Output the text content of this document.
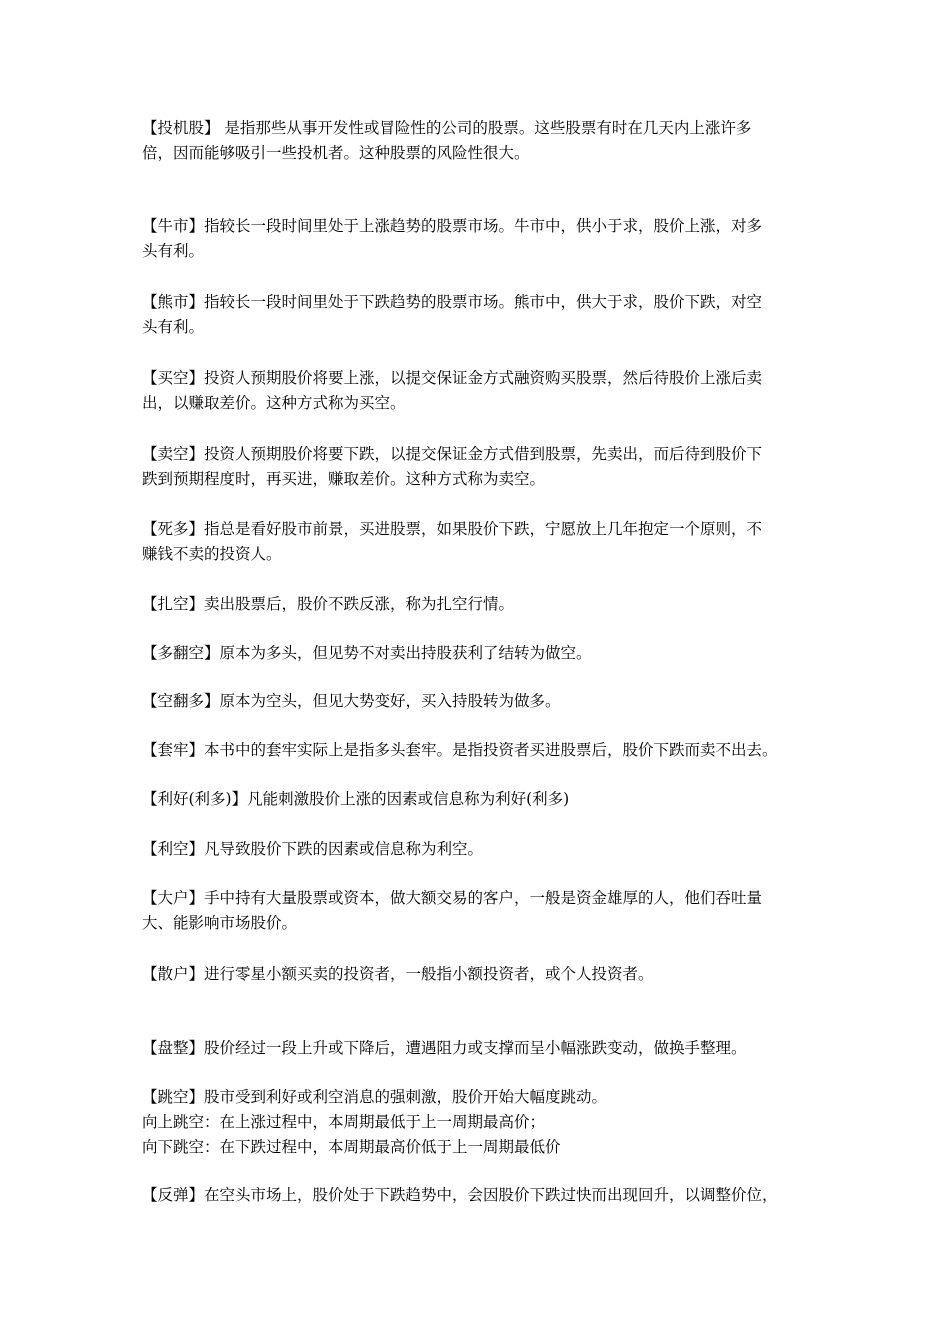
【投机股】 是指那些从事开发性或冒险性的公司的股票。这些股票有时在几天内上涨许多
倍，因而能够吸引一些投机者。这种股票的风险性很大。

【牛市】指较长一段时间里处于上涨趋势的股票市场。牛市中，供小于求，股价上涨，对多
头有利。

【熊市】指较长一段时间里处于下跌趋势的股票市场。熊市中，供大于求，股价下跌，对空
头有利。

【买空】投资人预期股价将要上涨，以提交保证金方式融资购买股票，然后待股价上涨后卖
出，以赚取差价。这种方式称为买空。

【卖空】投资人预期股价将要下跌，以提交保证金方式借到股票，先卖出，而后待到股价下
跌到预期程度时，再买进，赚取差价。这种方式称为卖空。

【死多】指总是看好股市前景，买进股票，如果股价下跌，宁愿放上几年抱定一个原则，不
赚钱不卖的投资人。

【扎空】卖出股票后，股价不跌反涨，称为扎空行情。

【多翻空】原本为多头，但见势不对卖出持股获利了结转为做空。

【空翻多】原本为空头，但见大势变好，买入持股转为做多。

【套牢】本书中的套牢实际上是指多头套牢。是指投资者买进股票后，股价下跌而卖不出去。

【利好(利多)】凡能刺激股价上涨的因素或信息称为利好(利多)

【利空】凡导致股价下跌的因素或信息称为利空。

【大户】手中持有大量股票或资本，做大额交易的客户，一般是资金雄厚的人，他们吞吐量
大、能影响市场股价。

【散户】进行零星小额买卖的投资者，一般指小额投资者，或个人投资者。

【盘整】股价经过一段上升或下降后，遭遇阻力或支撑而呈小幅涨跌变动，做换手整理。

【跳空】股市受到利好或利空消息的强刺激，股价开始大幅度跳动。
向上跳空：在上涨过程中，本周期最低于上一周期最高价；
向下跳空：在下跌过程中，本周期最高价低于上一周期最低价

【反弹】在空头市场上，股价处于下跌趋势中，会因股价下跌过快而出现回升，以调整价位，
